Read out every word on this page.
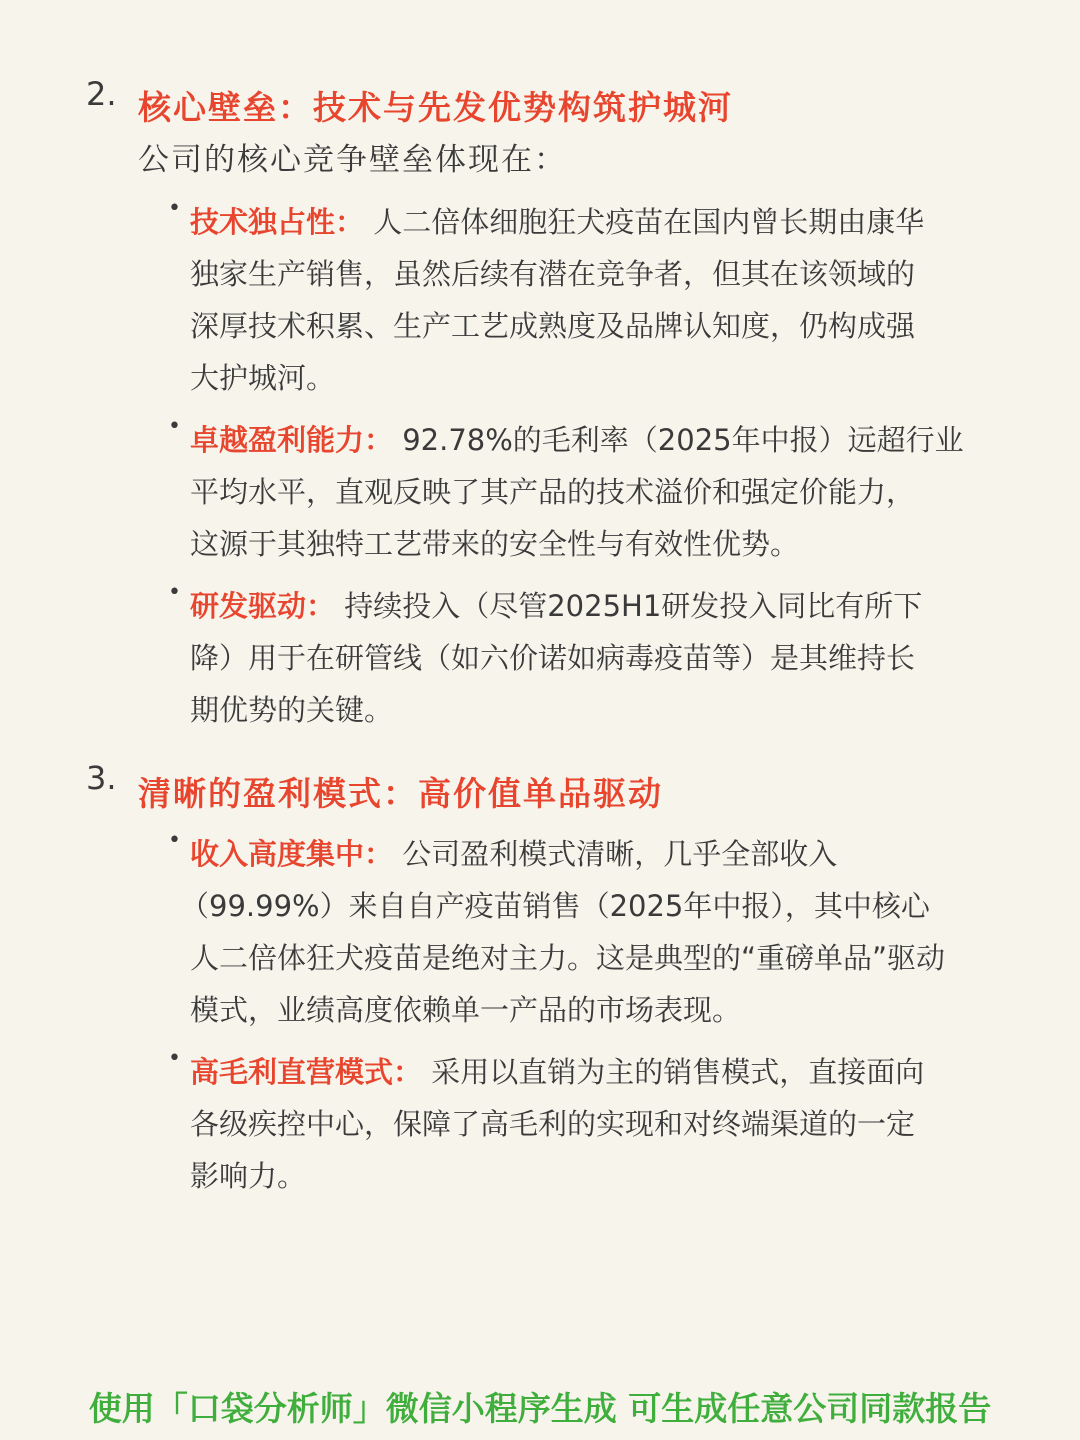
2. 核心壁垒：技术与先发优势构筑护城河
公司的核心竞争壁垒体现在：
• 技术独占性： 人二倍体细胞狂犬疫苗在国内曾长期由康华
独家生产销售，虽然后续有潜在竞争者，但其在该领域的
深厚技术积累、生产工艺成熟度及品牌认知度，仍构成强
大护城河。
• 卓越盈利能力： 92.78%的毛利率（2025年中报）远超行业
平均水平，直观反映了其产品的技术溢价和强定价能力，
这源于其独特工艺带来的安全性与有效性优势。
• 研发驱动： 持续投入（尽管2025H1研发投入同比有所下
降）用于在研管线（如六价诺如病毒疫苗等）是其维持长
期优势的关键。
3. 清晰的盈利模式：高价值单品驱动
• 收入高度集中： 公司盈利模式清晰，几乎全部收入
（99.99%）来自自产疫苗销售（2025年中报），其中核心
人二倍体狂犬疫苗是绝对主力。这是典型的“重磅单品”驱动
模式，业绩高度依赖单一产品的市场表现。
• 高毛利直营模式： 采用以直销为主的销售模式，直接面向
各级疾控中心，保障了高毛利的实现和对终端渠道的一定
影响力。
使用「口袋分析师」微信小程序生成 可生成任意公司同款报告
